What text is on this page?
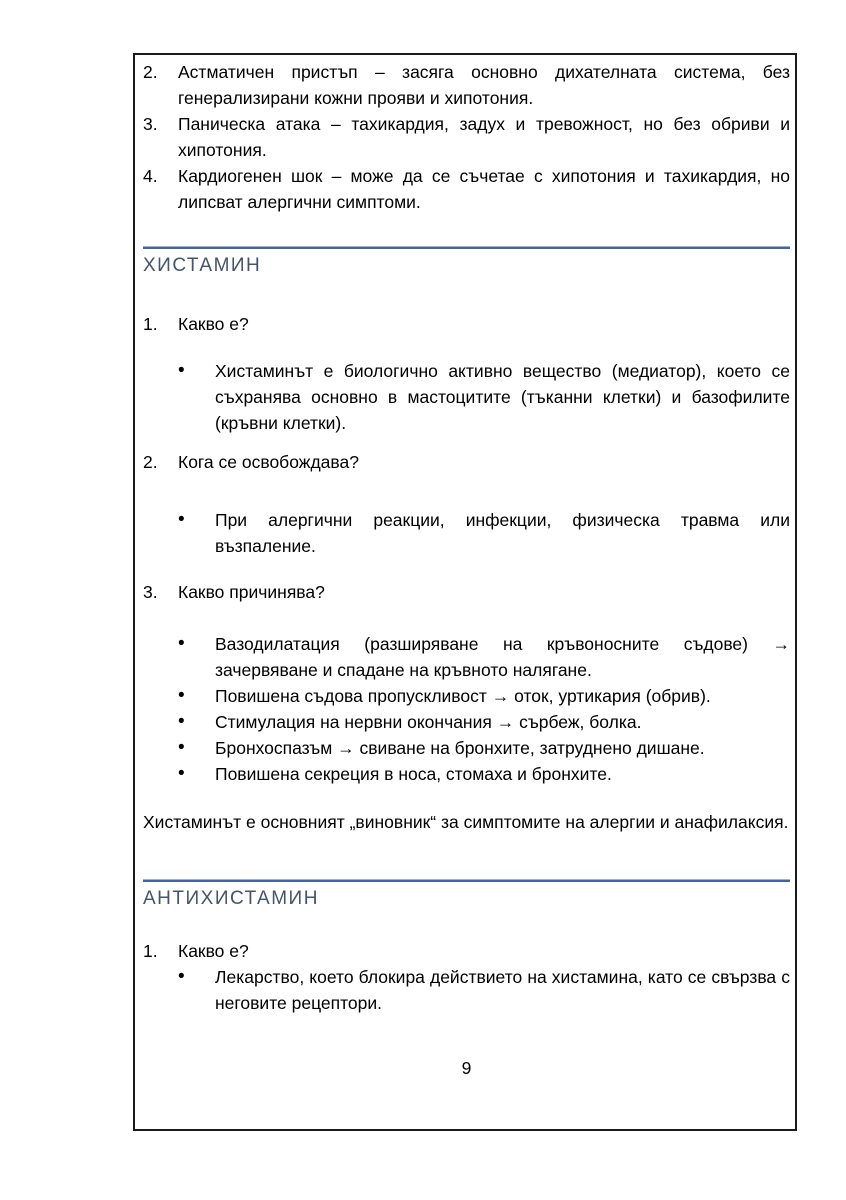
2.	Астматичен пристъп – засяга основно дихателната система, без генерализирани кожни прояви и хипотония.
3.	Паническа атака – тахикардия, задух и тревожност, но без обриви и хипотония.
4.	Кардиогенен шок – може да се съчетае с хипотония и тахикардия, но липсват алергични симптоми.
ХИСТАМИН
1.	Какво е?
•	Хистаминът е биологично активно вещество (медиатор), което се съхранява основно в мастоцитите (тъканни клетки) и базофилите (кръвни клетки).
2.	Кога се освобождава?
•	При алергични реакции, инфекции, физическа травма или възпаление.
3.	Какво причинява?
•	Вазодилатация (разширяване на кръвоносните съдове) → зачервяване и спадане на кръвното налягане.
•	Повишена съдова пропускливост → оток, уртикария (обрив).
•	Стимулация на нервни окончания → сърбеж, болка.
•	Бронхоспазъм → свиване на бронхите, затруднено дишане.
•	Повишена секреция в носа, стомаха и бронхите.
Хистаминът е основният „виновник“ за симптомите на алергии и анафилаксия.
АНТИХИСТАМИН
1.	Какво е?
•	Лекарство, което блокира действието на хистамина, като се свързва с неговите рецептори.
9
